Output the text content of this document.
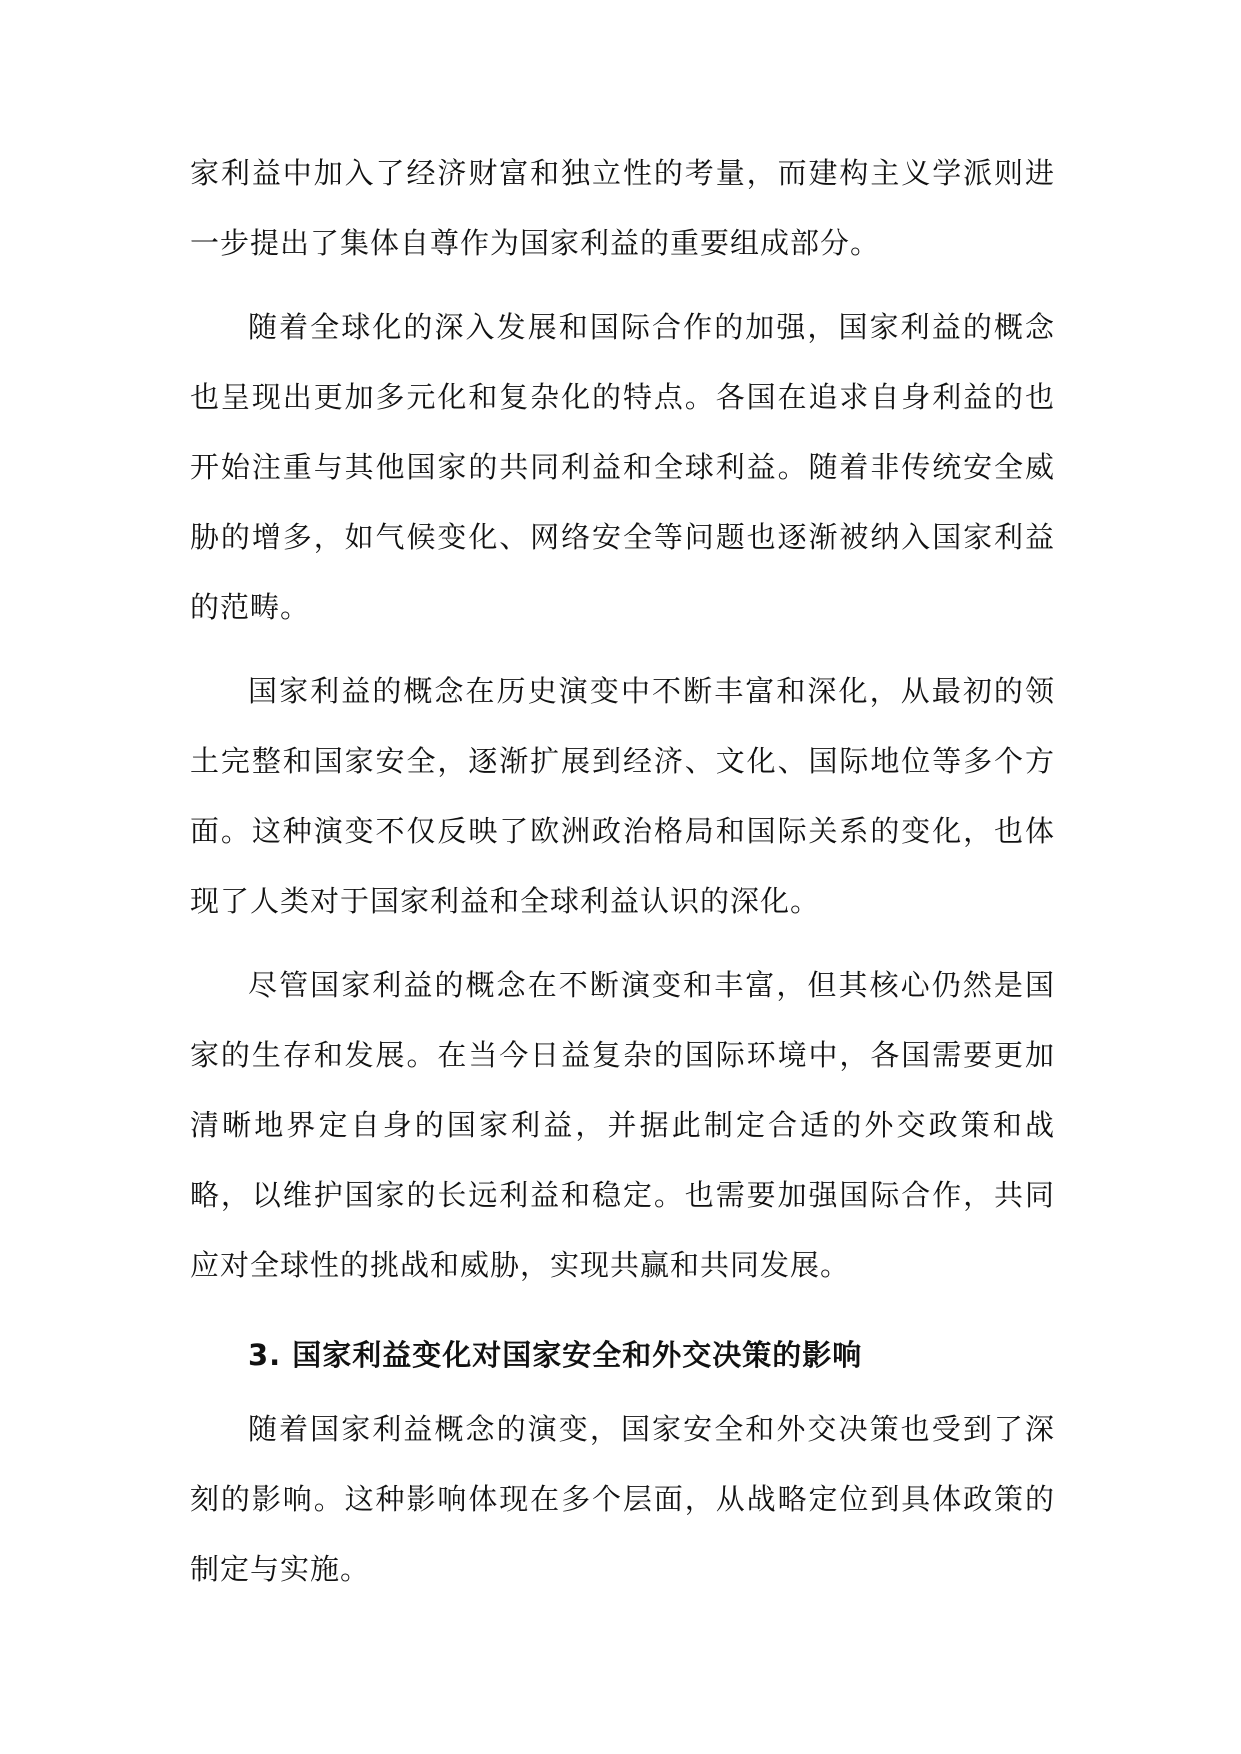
家利益中加入了经济财富和独立性的考量，而建构主义学派则进一步提出了集体自尊作为国家利益的重要组成部分。

随着全球化的深入发展和国际合作的加强，国家利益的概念也呈现出更加多元化和复杂化的特点。各国在追求自身利益的也开始注重与其他国家的共同利益和全球利益。随着非传统安全威胁的增多，如气候变化、网络安全等问题也逐渐被纳入国家利益的范畴。

国家利益的概念在历史演变中不断丰富和深化，从最初的领土完整和国家安全，逐渐扩展到经济、文化、国际地位等多个方面。这种演变不仅反映了欧洲政治格局和国际关系的变化，也体现了人类对于国家利益和全球利益认识的深化。

尽管国家利益的概念在不断演变和丰富，但其核心仍然是国家的生存和发展。在当今日益复杂的国际环境中，各国需要更加清晰地界定自身的国家利益，并据此制定合适的外交政策和战略，以维护国家的长远利益和稳定。也需要加强国际合作，共同应对全球性的挑战和威胁，实现共赢和共同发展。

3. 国家利益变化对国家安全和外交决策的影响

随着国家利益概念的演变，国家安全和外交决策也受到了深刻的影响。这种影响体现在多个层面，从战略定位到具体政策的制定与实施。
